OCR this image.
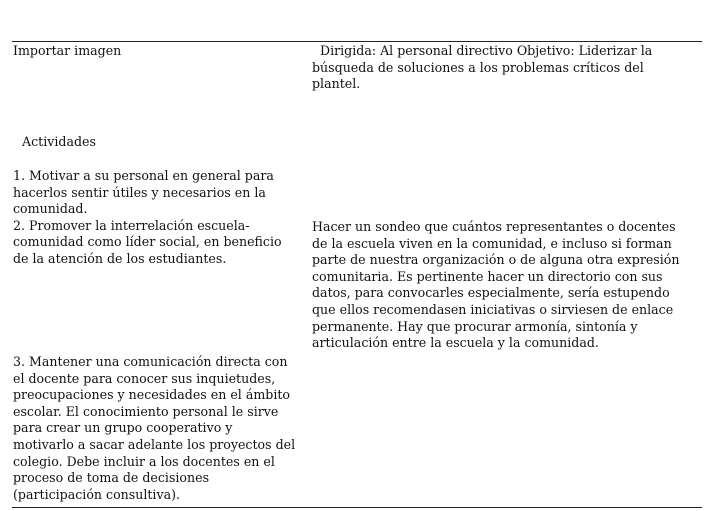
Importar imagen	Dirigida: Al personal directivo Objetivo: Liderizar la
búsqueda de soluciones a los problemas críticos del
plantel.

Actividades

1. Motivar a su personal en general para
hacerlos sentir útiles y necesarios en la
comunidad.
2. Promover la interrelación escuela-
comunidad como líder social, en beneficio
de la atención de los estudiantes.

Hacer un sondeo que cuántos representantes o docentes
de la escuela viven en la comunidad, e incluso si forman
parte de nuestra organización o de alguna otra expresión
comunitaria. Es pertinente hacer un directorio con sus
datos, para convocarles especialmente, sería estupendo
que ellos recomendasen iniciativas o sirviesen de enlace
permanente. Hay que procurar armonía, sintonía y
articulación entre la escuela y la comunidad.

3. Mantener una comunicación directa con
el docente para conocer sus inquietudes,
preocupaciones y necesidades en el ámbito
escolar. El conocimiento personal le sirve
para crear un grupo cooperativo y
motivarlo a sacar adelante los proyectos del
colegio. Debe incluir a los docentes en el
proceso de toma de decisiones
(participación consultiva).
